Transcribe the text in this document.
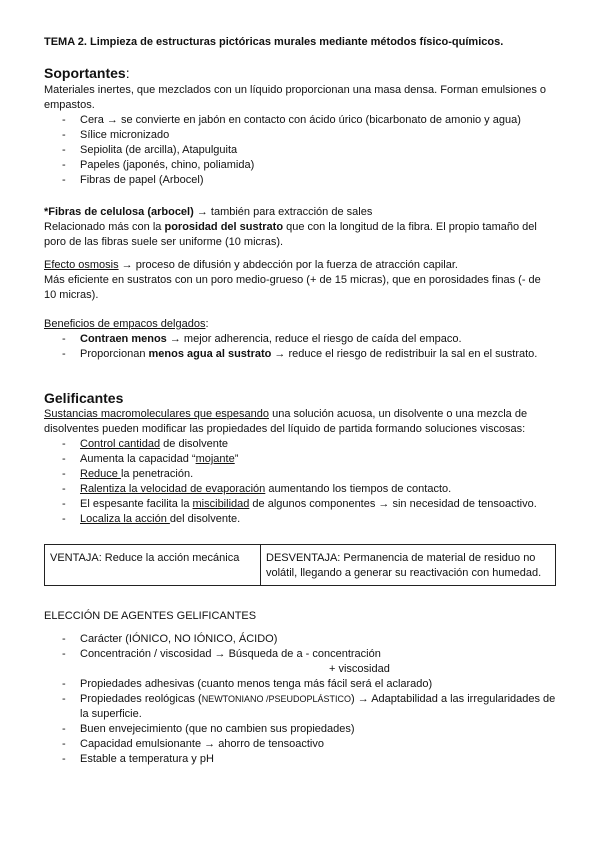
TEMA 2. Limpieza de estructuras pictóricas murales mediante métodos físico-químicos.
Soportantes:

Materiales inertes, que mezclados con un líquido proporcionan una masa densa. Forman emulsiones o empastos.

- Cera → se convierte en jabón en contacto con ácido úrico (bicarbonato de amonio y agua)
- Sílice micronizado
- Sepiolita (de arcilla), Atapulguita
- Papeles (japonés, chino, poliamida)
- Fibras de papel (Arbocel)

*Fibras de celulosa (arbocel) → también para extracción de sales

Relacionado más con la porosidad del sustrato que con la longitud de la fibra. El propio tamaño del poro de las fibras suele ser uniforme (10 micras).

Efecto osmosis → proceso de difusión y abdección por la fuerza de atracción capilar.

Más eficiente en sustratos con un poro medio-grueso (+ de 15 micras), que en porosidades finas (- de 10 micras).

Beneficios de empacos delgados:

- Contraen menos → mejor adherencia, reduce el riesgo de caída del empaco.
- Proporcionan menos agua al sustrato → reduce el riesgo de redistribuir la sal en el sustrato.
Gelificantes

Sustancias macromoleculares que espesando una solución acuosa, un disolvente o una mezcla de disolventes pueden modificar las propiedades del líquido de partida formando soluciones viscosas:

- Control cantidad de disolvente
- Aumenta la capacidad “mojante”
- Reduce la penetración.
- Ralentiza la velocidad de evaporación aumentando los tiempos de contacto.
- El espesante facilita la miscibilidad de algunos componentes → sin necesidad de tensoactivo.
- Localiza la acción del disolvente.
VENTAJA: Reduce la acción mecánica	DESVENTAJA: Permanencia de material de residuo no volátil, llegando a generar su reactivación con humedad.

ELECCIÓN DE AGENTES GELIFICANTES

- Carácter (IÓNICO, NO IÓNICO, ÁCIDO)
- Concentración / viscosidad → Búsqueda de a - concentración
+ viscosidad
- Propiedades adhesivas (cuanto menos tenga más fácil será el aclarado)
- Propiedades reológicas (NEWTONIANO /PSEUDOPLÁSTICO) → Adaptabilidad a las irregularidades de la superficie.
- Buen envejecimiento (que no cambien sus propiedades)
- Capacidad emulsionante → ahorro de tensoactivo
- Estable a temperatura y pH
